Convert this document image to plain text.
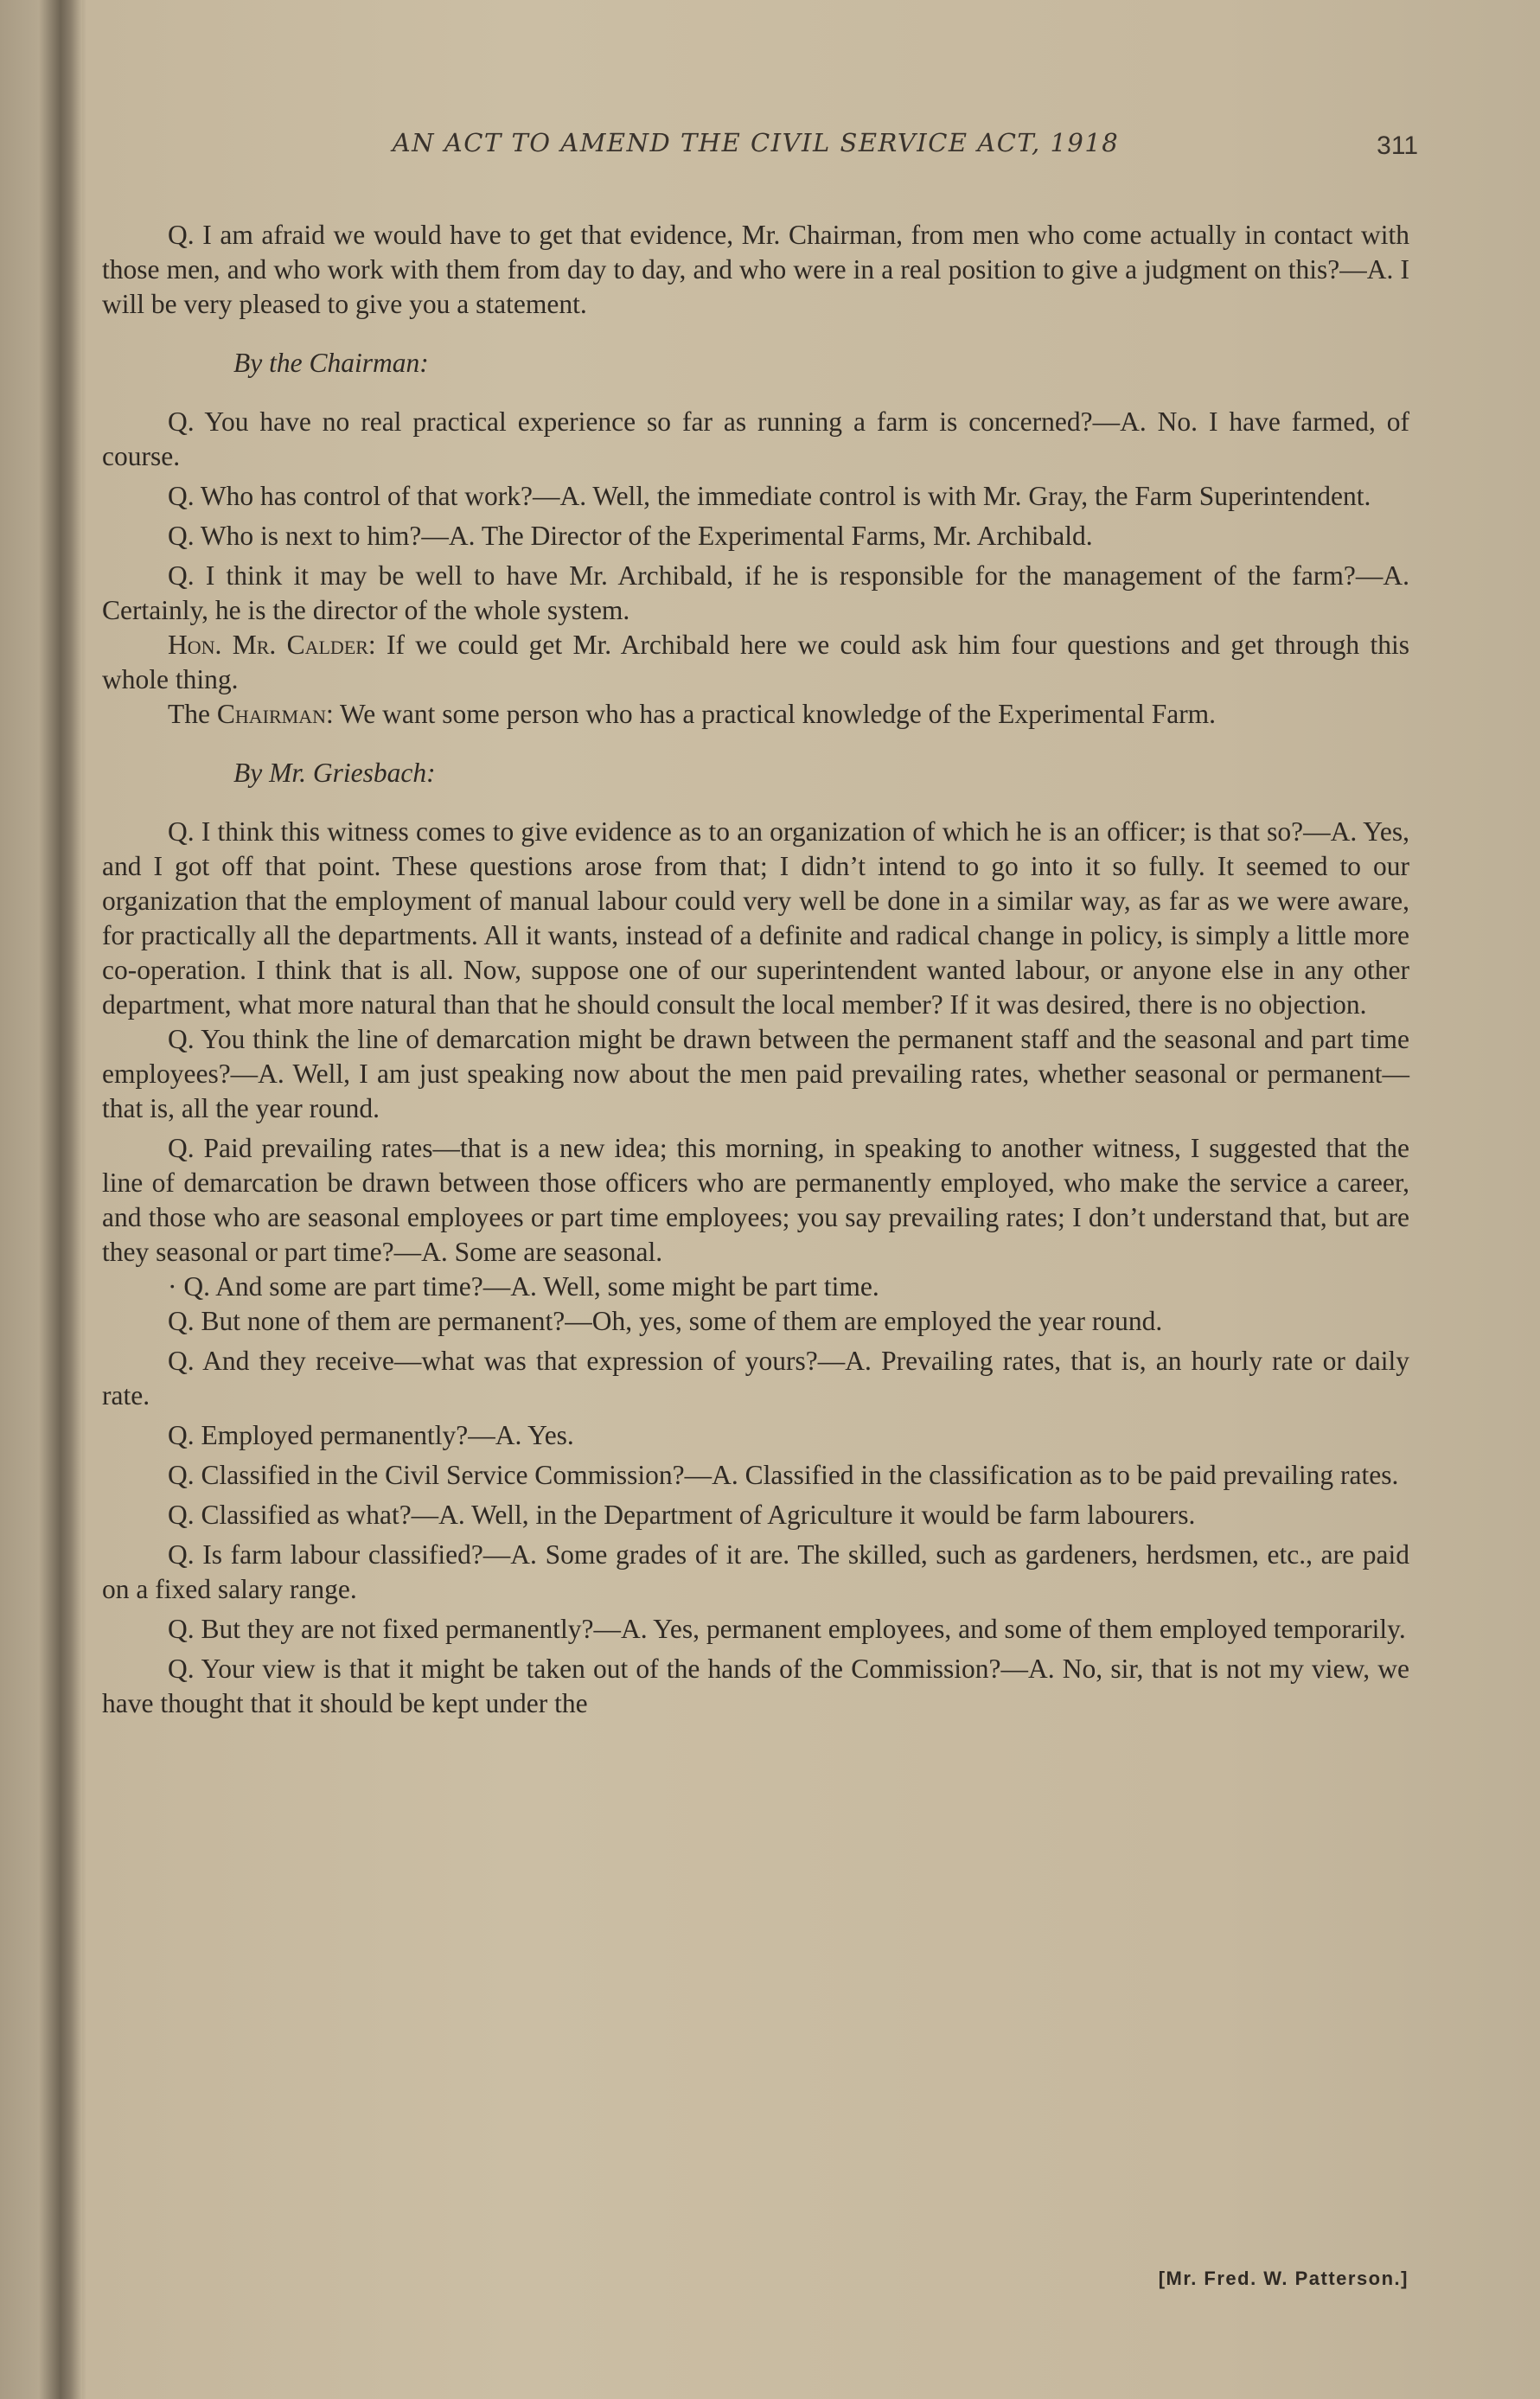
AN ACT TO AMEND THE CIVIL SERVICE ACT, 1918	311

Q. I am afraid we would have to get that evidence, Mr. Chairman, from men who come actually in contact with those men, and who work with them from day to day, and who were in a real position to give a judgment on this?—A. I will be very pleased to give you a statement.

By the Chairman:

Q. You have no real practical experience so far as running a farm is concerned?—A. No. I have farmed, of course.

Q. Who has control of that work?—A. Well, the immediate control is with Mr. Gray, the Farm Superintendent.

Q. Who is next to him?—A. The Director of the Experimental Farms, Mr. Archibald.

Q. I think it may be well to have Mr. Archibald, if he is responsible for the management of the farm?—A. Certainly, he is the director of the whole system.

Hon. Mr. Calder: If we could get Mr. Archibald here we could ask him four questions and get through this whole thing.

The Chairman: We want some person who has a practical knowledge of the Experimental Farm.

By Mr. Griesbach:

Q. I think this witness comes to give evidence as to an organization of which he is an officer; is that so?—A. Yes, and I got off that point. These questions arose from that; I didn’t intend to go into it so fully. It seemed to our organization that the employment of manual labour could very well be done in a similar way, as far as we were aware, for practically all the departments. All it wants, instead of a definite and radical change in policy, is simply a little more co-operation. I think that is all. Now, suppose one of our superintendent wanted labour, or anyone else in any other department, what more natural than that he should consult the local member? If it was desired, there is no objection.

Q. You think the line of demarcation might be drawn between the permanent staff and the seasonal and part time employees?—A. Well, I am just speaking now about the men paid prevailing rates, whether seasonal or permanent—that is, all the year round.

Q. Paid prevailing rates—that is a new idea; this morning, in speaking to another witness, I suggested that the line of demarcation be drawn between those officers who are permanently employed, who make the service a career, and those who are seasonal employees or part time employees; you say prevailing rates; I don’t understand that, but are they seasonal or part time?—A. Some are seasonal.

· Q. And some are part time?—A. Well, some might be part time.

Q. But none of them are permanent?—Oh, yes, some of them are employed the year round.

Q. And they receive—what was that expression of yours?—A. Prevailing rates, that is, an hourly rate or daily rate.

Q. Employed permanently?—A. Yes.

Q. Classified in the Civil Service Commission?—A. Classified in the classification as to be paid prevailing rates.

Q. Classified as what?—A. Well, in the Department of Agriculture it would be farm labourers.

Q. Is farm labour classified?—A. Some grades of it are. The skilled, such as gardeners, herdsmen, etc., are paid on a fixed salary range.

Q. But they are not fixed permanently?—A. Yes, permanent employees, and some of them employed temporarily.

Q. Your view is that it might be taken out of the hands of the Commission?—A. No, sir, that is not my view, we have thought that it should be kept under the

[Mr. Fred. W. Patterson.]
